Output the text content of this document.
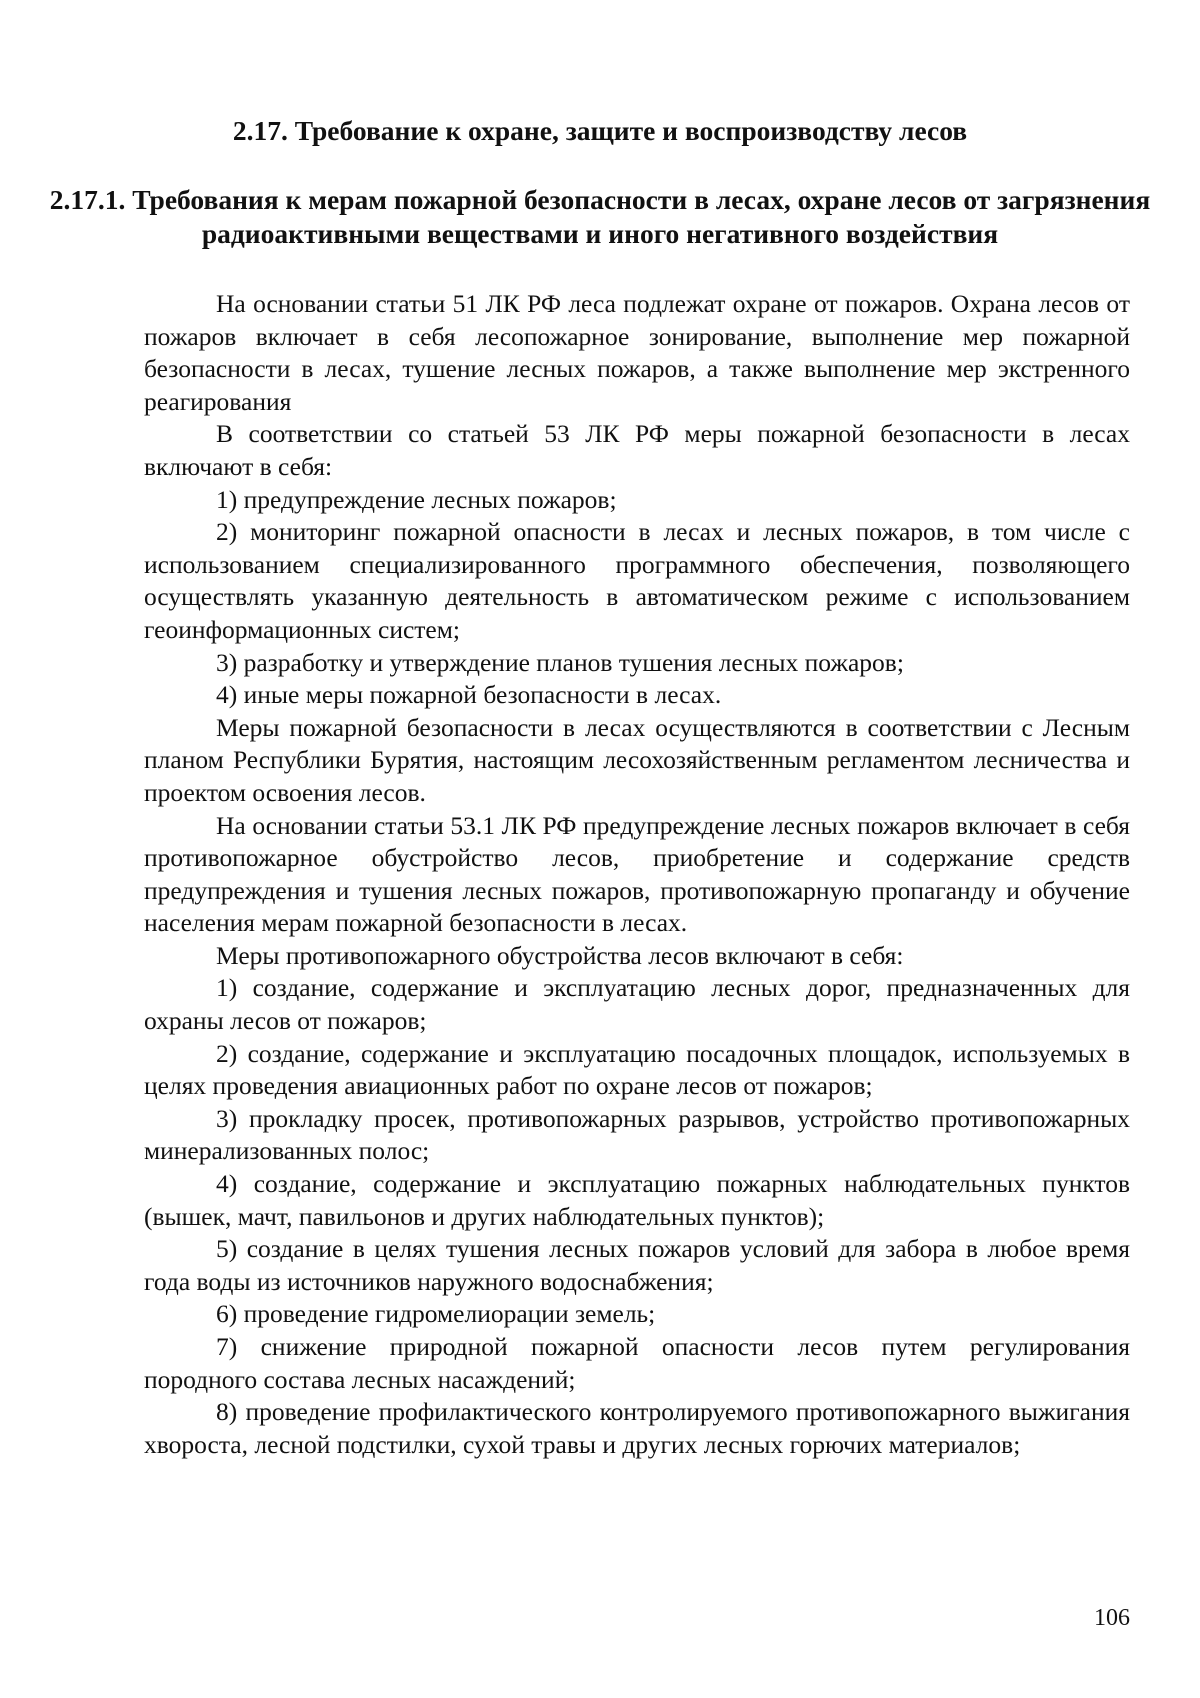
2.17. Требование к охране, защите и воспроизводству лесов
2.17.1. Требования к мерам пожарной безопасности в лесах, охране лесов от загрязнения радиоактивными веществами и иного негативного воздействия

На основании статьи 51 ЛК РФ леса подлежат охране от пожаров. Охрана лесов от пожаров включает в себя лесопожарное зонирование, выполнение мер пожарной безопасности в лесах, тушение лесных пожаров, а также выполнение мер экстренного реагирования

В соответствии со статьей 53 ЛК РФ меры пожарной безопасности в лесах включают в себя:

1) предупреждение лесных пожаров;

2) мониторинг пожарной опасности в лесах и лесных пожаров, в том числе с использованием специализированного программного обеспечения, позволяющего осуществлять указанную деятельность в автоматическом режиме с использованием геоинформационных систем;

3) разработку и утверждение планов тушения лесных пожаров;

4) иные меры пожарной безопасности в лесах.

Меры пожарной безопасности в лесах осуществляются в соответствии с Лесным планом Республики Бурятия, настоящим лесохозяйственным регламентом лесничества и проектом освоения лесов.

На основании статьи 53.1 ЛК РФ предупреждение лесных пожаров включает в себя противопожарное обустройство лесов, приобретение и содержание средств предупреждения и тушения лесных пожаров, противопожарную пропаганду и обучение населения мерам пожарной безопасности в лесах.

Меры противопожарного обустройства лесов включают в себя:

1) создание, содержание и эксплуатацию лесных дорог, предназначенных для охраны лесов от пожаров;

2) создание, содержание и эксплуатацию посадочных площадок, используемых в целях проведения авиационных работ по охране лесов от пожаров;

3) прокладку просек, противопожарных разрывов, устройство противопожарных минерализованных полос;

4) создание, содержание и эксплуатацию пожарных наблюдательных пунктов (вышек, мачт, павильонов и других наблюдательных пунктов);

5) создание в целях тушения лесных пожаров условий для забора в любое время года воды из источников наружного водоснабжения;

6) проведение гидромелиорации земель;

7) снижение природной пожарной опасности лесов путем регулирования породного состава лесных насаждений;

8) проведение профилактического контролируемого противопожарного выжигания хвороста, лесной подстилки, сухой травы и других лесных горючих материалов;

106
